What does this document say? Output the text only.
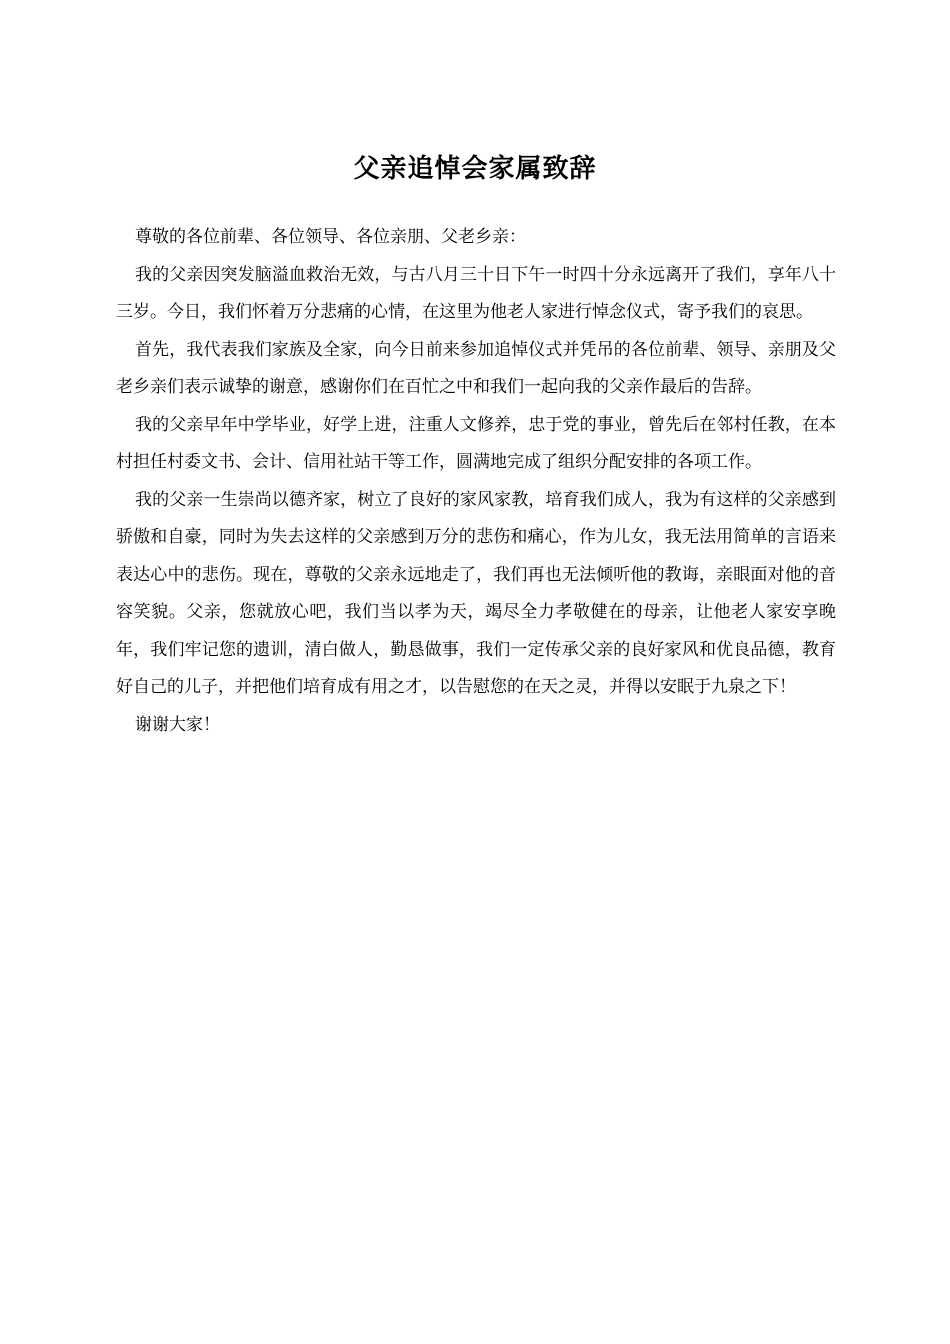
父亲追悼会家属致辞

尊敬的各位前辈、各位领导、各位亲朋、父老乡亲：

我的父亲因突发脑溢血救治无效，与古八月三十日下午一时四十分永远离开了我们，享年八十三岁。今日，我们怀着万分悲痛的心情，在这里为他老人家进行悼念仪式，寄予我们的哀思。

首先，我代表我们家族及全家，向今日前来参加追悼仪式并凭吊的各位前辈、领导、亲朋及父老乡亲们表示诚挚的谢意，感谢你们在百忙之中和我们一起向我的父亲作最后的告辞。

我的父亲早年中学毕业，好学上进，注重人文修养，忠于党的事业，曾先后在邻村任教，在本村担任村委文书、会计、信用社站干等工作，圆满地完成了组织分配安排的各项工作。

我的父亲一生崇尚以德齐家，树立了良好的家风家教，培育我们成人，我为有这样的父亲感到骄傲和自豪，同时为失去这样的父亲感到万分的悲伤和痛心，作为儿女，我无法用简单的言语来表达心中的悲伤。现在，尊敬的父亲永远地走了，我们再也无法倾听他的教诲，亲眼面对他的音容笑貌。父亲，您就放心吧，我们当以孝为天，竭尽全力孝敬健在的母亲，让他老人家安享晚年，我们牢记您的遗训，清白做人，勤恳做事，我们一定传承父亲的良好家风和优良品德，教育好自己的儿子，并把他们培育成有用之才，以告慰您的在天之灵，并得以安眠于九泉之下！

谢谢大家！
